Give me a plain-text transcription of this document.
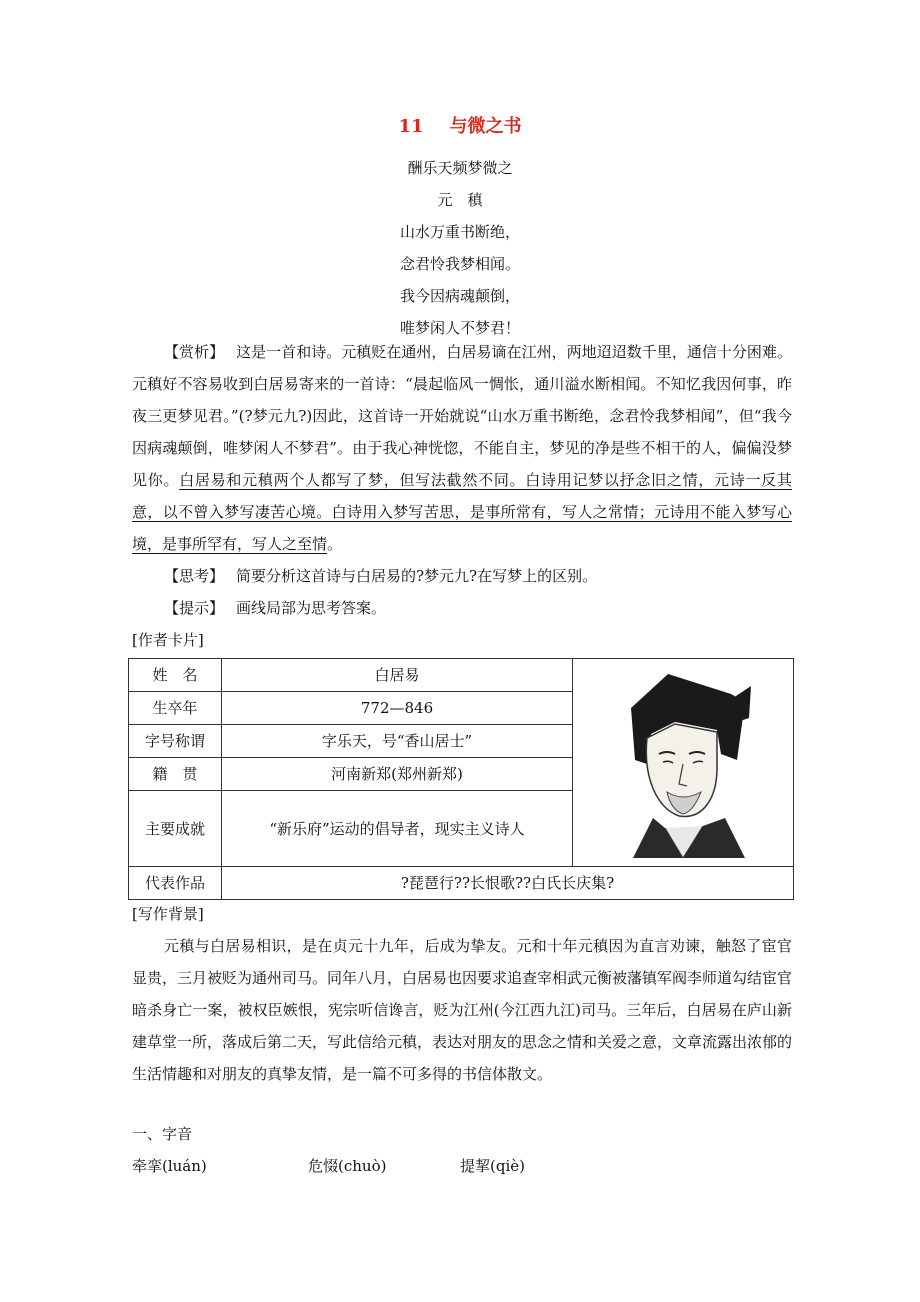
11 与微之书
酬乐天频梦微之
元　稹
山水万重书断绝，
念君怜我梦相闻。
我今因病魂颠倒，
唯梦闲人不梦君！
【赏析】 这是一首和诗。元稹贬在通州，白居易谪在江州，两地迢迢数千里，通信十分困难。元稹好不容易收到白居易寄来的一首诗：“晨起临风一惆怅，通川溢水断相闻。不知忆我因何事，昨夜三更梦见君。”(?梦元九?)因此，这首诗一开始就说“山水万重书断绝，念君怜我梦相闻”，但“我今因病魂颠倒，唯梦闲人不梦君”。由于我心神恍惚，不能自主，梦见的净是些不相干的人，偏偏没梦见你。白居易和元稹两个人都写了梦，但写法截然不同。白诗用记梦以抒念旧之情，元诗一反其意，以不曾入梦写凄苦心境。白诗用入梦写苦思，是事所常有，写人之常情；元诗用不能入梦写心境，是事所罕有，写人之至情。
【思考】 简要分析这首诗与白居易的?梦元九?在写梦上的区别。
【提示】 画线局部为思考答案。
[作者卡片]
姓　名	白居易	

生卒年	772—846	
字号称谓	字乐天，号“香山居士”	
籍　贯	河南新郑(郑州新郑)	
主要成就	“新乐府”运动的倡导者，现实主义诗人	
代表作品	?琵琶行??长恨歌??白氏长庆集?	
[写作背景]
元稹与白居易相识，是在贞元十九年，后成为挚友。元和十年元稹因为直言劝谏，触怒了宦官显贵，三月被贬为通州司马。同年八月，白居易也因要求追查宰相武元衡被藩镇军阀李师道勾结宦官暗杀身亡一案，被权臣嫉恨，宪宗听信谗言，贬为江州(今江西九江)司马。三年后，白居易在庐山新建草堂一所，落成后第二天，写此信给元稹，表达对朋友的思念之情和关爱之意，文章流露出浓郁的生活情趣和对朋友的真挚友情，是一篇不可多得的书信体散文。
一、字音
牵挛(luán)	危惙(chuò)	提挈(qiè)
